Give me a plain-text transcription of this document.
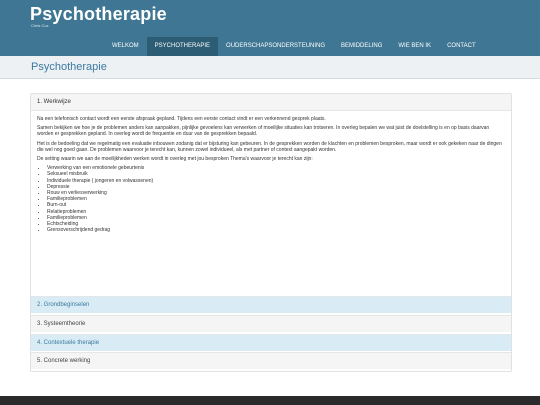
Psychotherapie
Chris Cox
WELKOM	PSYCHOTHERAPIE	OUDERSCHAPSONDERSTEUNING	BEMIDDELING	WIE BEN IK	CONTACT
Psychotherapie
1. Werkwijze

Na een telefonisch contact wordt een eerste afspraak gepland. Tijdens een eerste contact vindt er een verkennend gesprek plaats.

Samen bekijken we hoe je de problemen anders kan aanpakken, pijnlijke gevoelens kan verwerken of moeilijke situaties kan trotseren. In overleg bepalen we wat juist de doelstelling is en op basis daarvan worden er gesprekken gepland. In overleg wordt de frequentie en duur van de gesprekken bepaald.

Het is de bedoeling dat we regelmatig een evaluatie inbouwen zodanig dat er bijsturing kan gebeuren. In de gesprekken worden de klachten en problemen besproken, maar wordt er ook gekeken naar de dingen die wel nog goed gaan. De problemen waarvoor je terecht kan, kunnen zowel individueel, als met partner of context aangepakt worden.

De setting waarin we aan de moeilijkheden werken wordt in overleg met jou besproken Thema's waarvoor je terecht kan zijn:

• Verwerking van een emotionele gebeurtenis
• Seksueel misbruik
• Individuele therapie ( jongeren en volwassenen)
• Depressie
• Rouw en verliesverwerking
• Familieproblemen
• Burn-out
• Relatieproblemen
• Familieproblemen
• Echtscheiding
• Grensoverschrijdend gedrag
2. Grondbeginselen
3. Systeemtheorie
4. Contextuele therapie
5. Concrete werking
